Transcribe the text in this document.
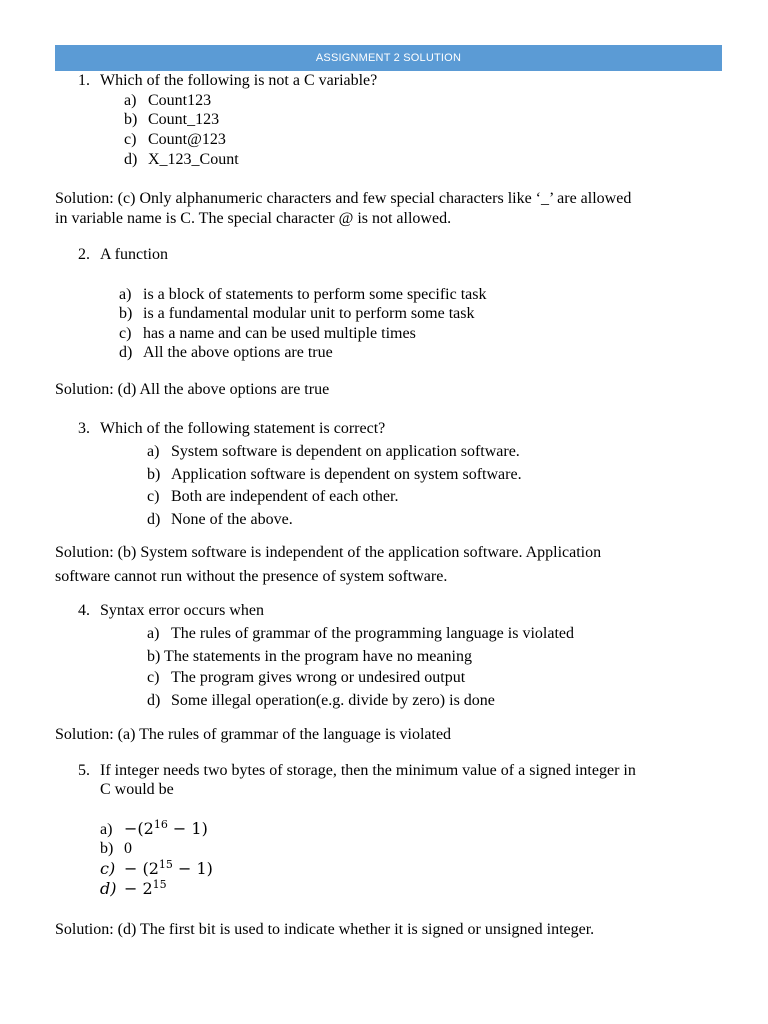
ASSIGNMENT 2 SOLUTION
1. Which of the following is not a C variable?
a) Count123
b) Count_123
c) Count@123
d) X_123_Count
Solution: (c) Only alphanumeric characters and few special characters like ‘_’ are allowed
in variable name is C. The special character @ is not allowed.
2. A function
a) is a block of statements to perform some specific task
b) is a fundamental modular unit to perform some task
c) has a name and can be used multiple times
d) All the above options are true
Solution: (d) All the above options are true
3. Which of the following statement is correct?
a) System software is dependent on application software.
b) Application software is dependent on system software.
c) Both are independent of each other.
d) None of the above.
Solution: (b) System software is independent of the application software. Application
software cannot run without the presence of system software.
4. Syntax error occurs when
a) The rules of grammar of the programming language is violated
b) The statements in the program have no meaning
c) The program gives wrong or undesired output
d) Some illegal operation(e.g. divide by zero) is done
Solution: (a) The rules of grammar of the language is violated
5. If integer needs two bytes of storage, then the minimum value of a signed integer in
C would be
$a) -(2^{16} - 1)$
b) 0
$c) - (2^{15} - 1)$
$d) - 2^{15}$
Solution: (d) The first bit is used to indicate whether it is signed or unsigned integer.
